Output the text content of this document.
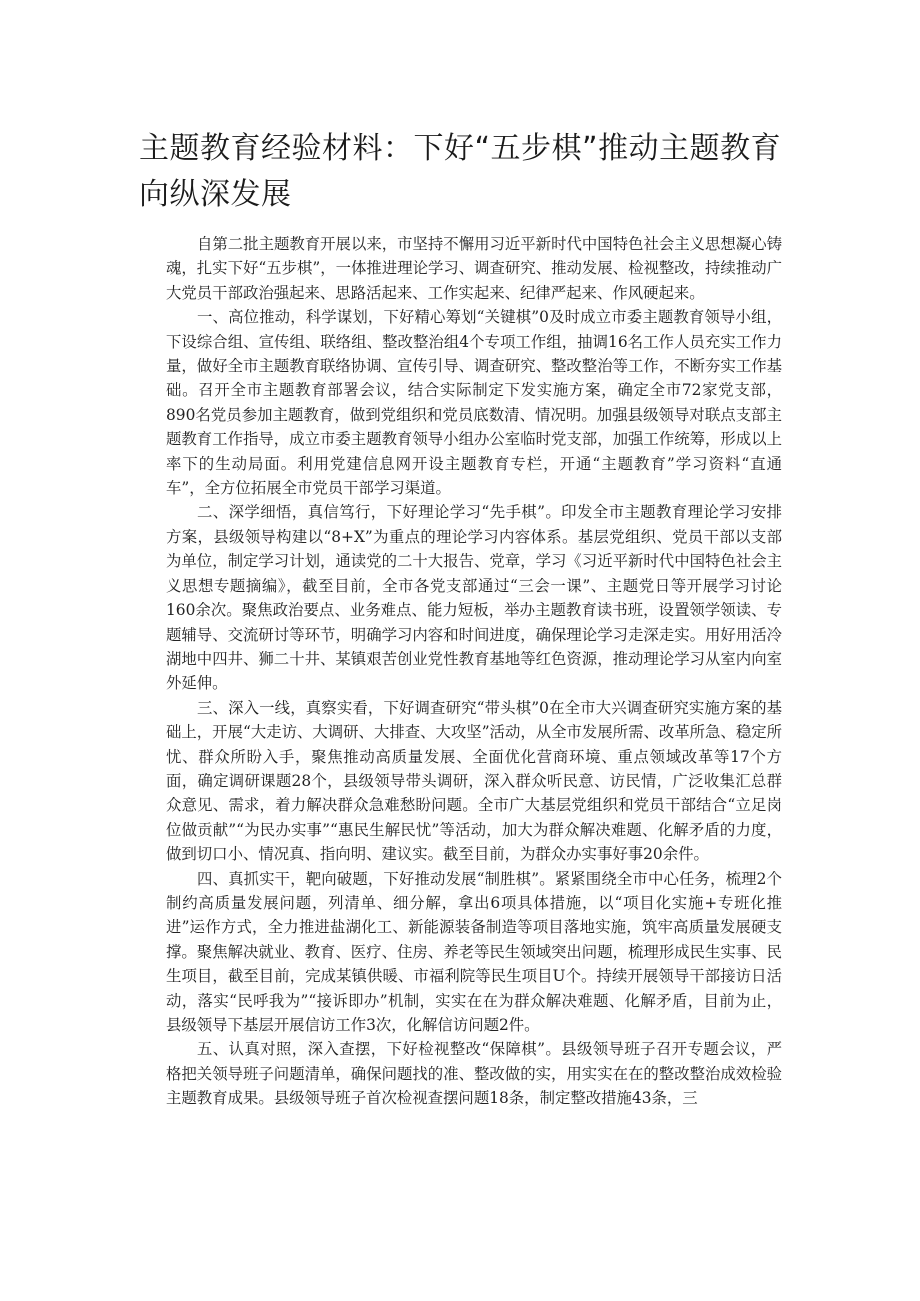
主题教育经验材料：下好“五步棋”推动主题教育向纵深发展

自第二批主题教育开展以来，市坚持不懈用习近平新时代中国特色社会主义思想凝心铸魂，扎实下好“五步棋”，一体推进理论学习、调查研究、推动发展、检视整改，持续推动广大党员干部政治强起来、思路活起来、工作实起来、纪律严起来、作风硬起来。

一、高位推动，科学谋划，下好精心筹划“关键棋”0及时成立市委主题教育领导小组，下设综合组、宣传组、联络组、整改整治组4个专项工作组，抽调16名工作人员充实工作力量，做好全市主题教育联络协调、宣传引导、调查研究、整改整治等工作，不断夯实工作基础。召开全市主题教育部署会议，结合实际制定下发实施方案，确定全市72家党支部，890名党员参加主题教育，做到党组织和党员底数清、情况明。加强县级领导对联点支部主题教育工作指导，成立市委主题教育领导小组办公室临时党支部，加强工作统筹，形成以上率下的生动局面。利用党建信息网开设主题教育专栏，开通“主题教育”学习资料“直通车”，全方位拓展全市党员干部学习渠道。

二、深学细悟，真信笃行，下好理论学习“先手棋”。印发全市主题教育理论学习安排方案，县级领导构建以“8+X”为重点的理论学习内容体系。基层党组织、党员干部以支部为单位，制定学习计划，通读党的二十大报告、党章，学习《习近平新时代中国特色社会主义思想专题摘编》，截至目前，全市各党支部通过“三会一课”、主题党日等开展学习讨论160余次。聚焦政治要点、业务难点、能力短板，举办主题教育读书班，设置领学领读、专题辅导、交流研讨等环节，明确学习内容和时间进度，确保理论学习走深走实。用好用活冷湖地中四井、狮二十井、某镇艰苦创业党性教育基地等红色资源，推动理论学习从室内向室外延伸。

三、深入一线，真察实看，下好调查研究“带头棋”0在全市大兴调查研究实施方案的基础上，开展“大走访、大调研、大排查、大攻坚”活动，从全市发展所需、改革所急、稳定所忧、群众所盼入手，聚焦推动高质量发展、全面优化营商环境、重点领域改革等17个方面，确定调研课题28个，县级领导带头调研，深入群众听民意、访民情，广泛收集汇总群众意见、需求，着力解决群众急难愁盼问题。全市广大基层党组织和党员干部结合“立足岗位做贡献”“为民办实事”“惠民生解民忧”等活动，加大为群众解决难题、化解矛盾的力度，做到切口小、情况真、指向明、建议实。截至目前，为群众办实事好事20余件。

四、真抓实干，靶向破题，下好推动发展“制胜棋”。紧紧围绕全市中心任务，梳理2个制约高质量发展问题，列清单、细分解，拿出6项具体措施，以“项目化实施+专班化推进”运作方式，全力推进盐湖化工、新能源装备制造等项目落地实施，筑牢高质量发展硬支撑。聚焦解决就业、教育、医疗、住房、养老等民生领域突出问题，梳理形成民生实事、民生项目，截至目前，完成某镇供暖、市福利院等民生项目U个。持续开展领导干部接访日活动，落实“民呼我为”“接诉即办”机制，实实在在为群众解决难题、化解矛盾，目前为止，县级领导下基层开展信访工作3次，化解信访问题2件。

五、认真对照，深入查摆，下好检视整改“保障棋”。县级领导班子召开专题会议，严格把关领导班子问题清单，确保问题找的准、整改做的实，用实实在在的整改整治成效检验主题教育成果。县级领导班子首次检视查摆问题18条，制定整改措施43条，三
